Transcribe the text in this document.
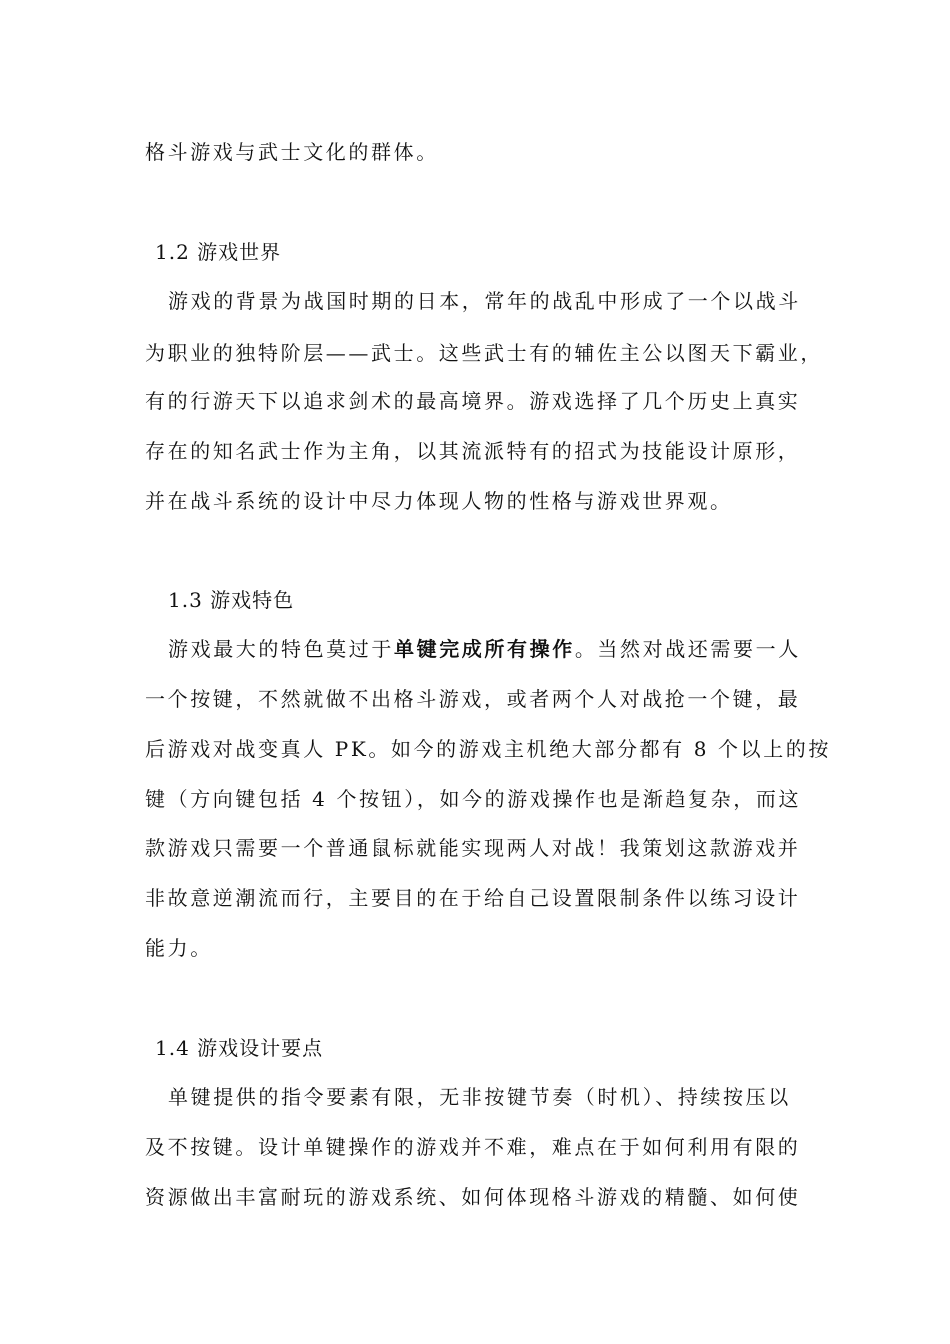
格斗游戏与武士文化的群体。
1.2 游戏世界
游戏的背景为战国时期的日本，常年的战乱中形成了一个以战斗
为职业的独特阶层——武士。这些武士有的辅佐主公以图天下霸业，
有的行游天下以追求剑术的最高境界。游戏选择了几个历史上真实
存在的知名武士作为主角，以其流派特有的招式为技能设计原形，
并在战斗系统的设计中尽力体现人物的性格与游戏世界观。
1.3 游戏特色
游戏最大的特色莫过于单键完成所有操作。当然对战还需要一人
一个按键，不然就做不出格斗游戏，或者两个人对战抢一个键，最
后游戏对战变真人 PK。如今的游戏主机绝大部分都有 8 个以上的按
键（方向键包括 4 个按钮），如今的游戏操作也是渐趋复杂，而这
款游戏只需要一个普通鼠标就能实现两人对战！我策划这款游戏并
非故意逆潮流而行，主要目的在于给自己设置限制条件以练习设计
能力。
1.4 游戏设计要点
单键提供的指令要素有限，无非按键节奏（时机）、持续按压以
及不按键。设计单键操作的游戏并不难，难点在于如何利用有限的
资源做出丰富耐玩的游戏系统、如何体现格斗游戏的精髓、如何使
